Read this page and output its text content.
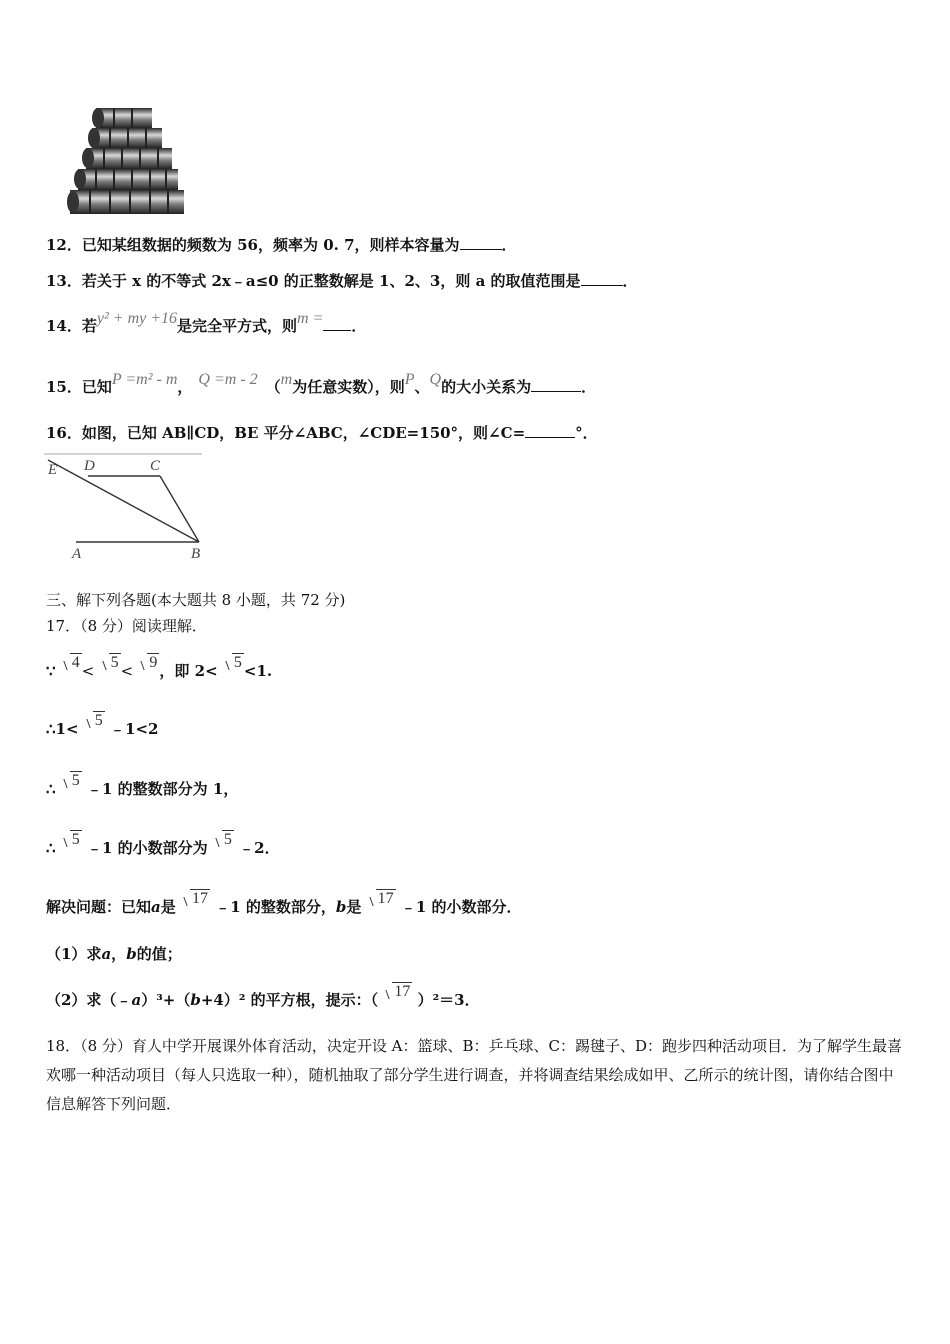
12．已知某组数据的频数为 56，频率为 0. 7，则样本容量为	．
13．若关于 x 的不等式 2x﹣a≤0 的正整数解是 1、2、3，则 a 的取值范围是	．
14．若y² + my +16是完全平方式，则m = ．
15．已知P =m² - m， Q =m - 2 （m为任意实数），则P、Q的大小关系为	．
16．如图，已知 AB∥CD，BE 平分∠ABC，∠CDE=150°，则∠C=	°．
E D	C
A	B
三、解下列各题(本大题共 8 小题，共 72 分)
17．（8 分）阅读理解．
∵ 4 < 5 < 9 ，即 2< 5 <1.
∴1< 5 ﹣1<2
∴ 5 ﹣1 的整数部分为 1，
∴ 5 ﹣1 的小数部分为 5 ﹣2．
解决问题：已知a是 17 ﹣1 的整数部分，b是 17 ﹣1 的小数部分．
（1）求a，b的值；
（2）求（﹣a）³+（b+4）² 的平方根，提示：（ 17 ）²＝3．
18．（8 分）育人中学开展课外体育活动，决定开设 A：篮球、B：乒乓球、C：踢毽子、D：跑步四种活动项目．为了解学生最喜欢哪一种活动项目（每人只选取一种），随机抽取了部分学生进行调查，并将调查结果绘成如甲、乙所示的统计图，请你结合图中信息解答下列问题．
